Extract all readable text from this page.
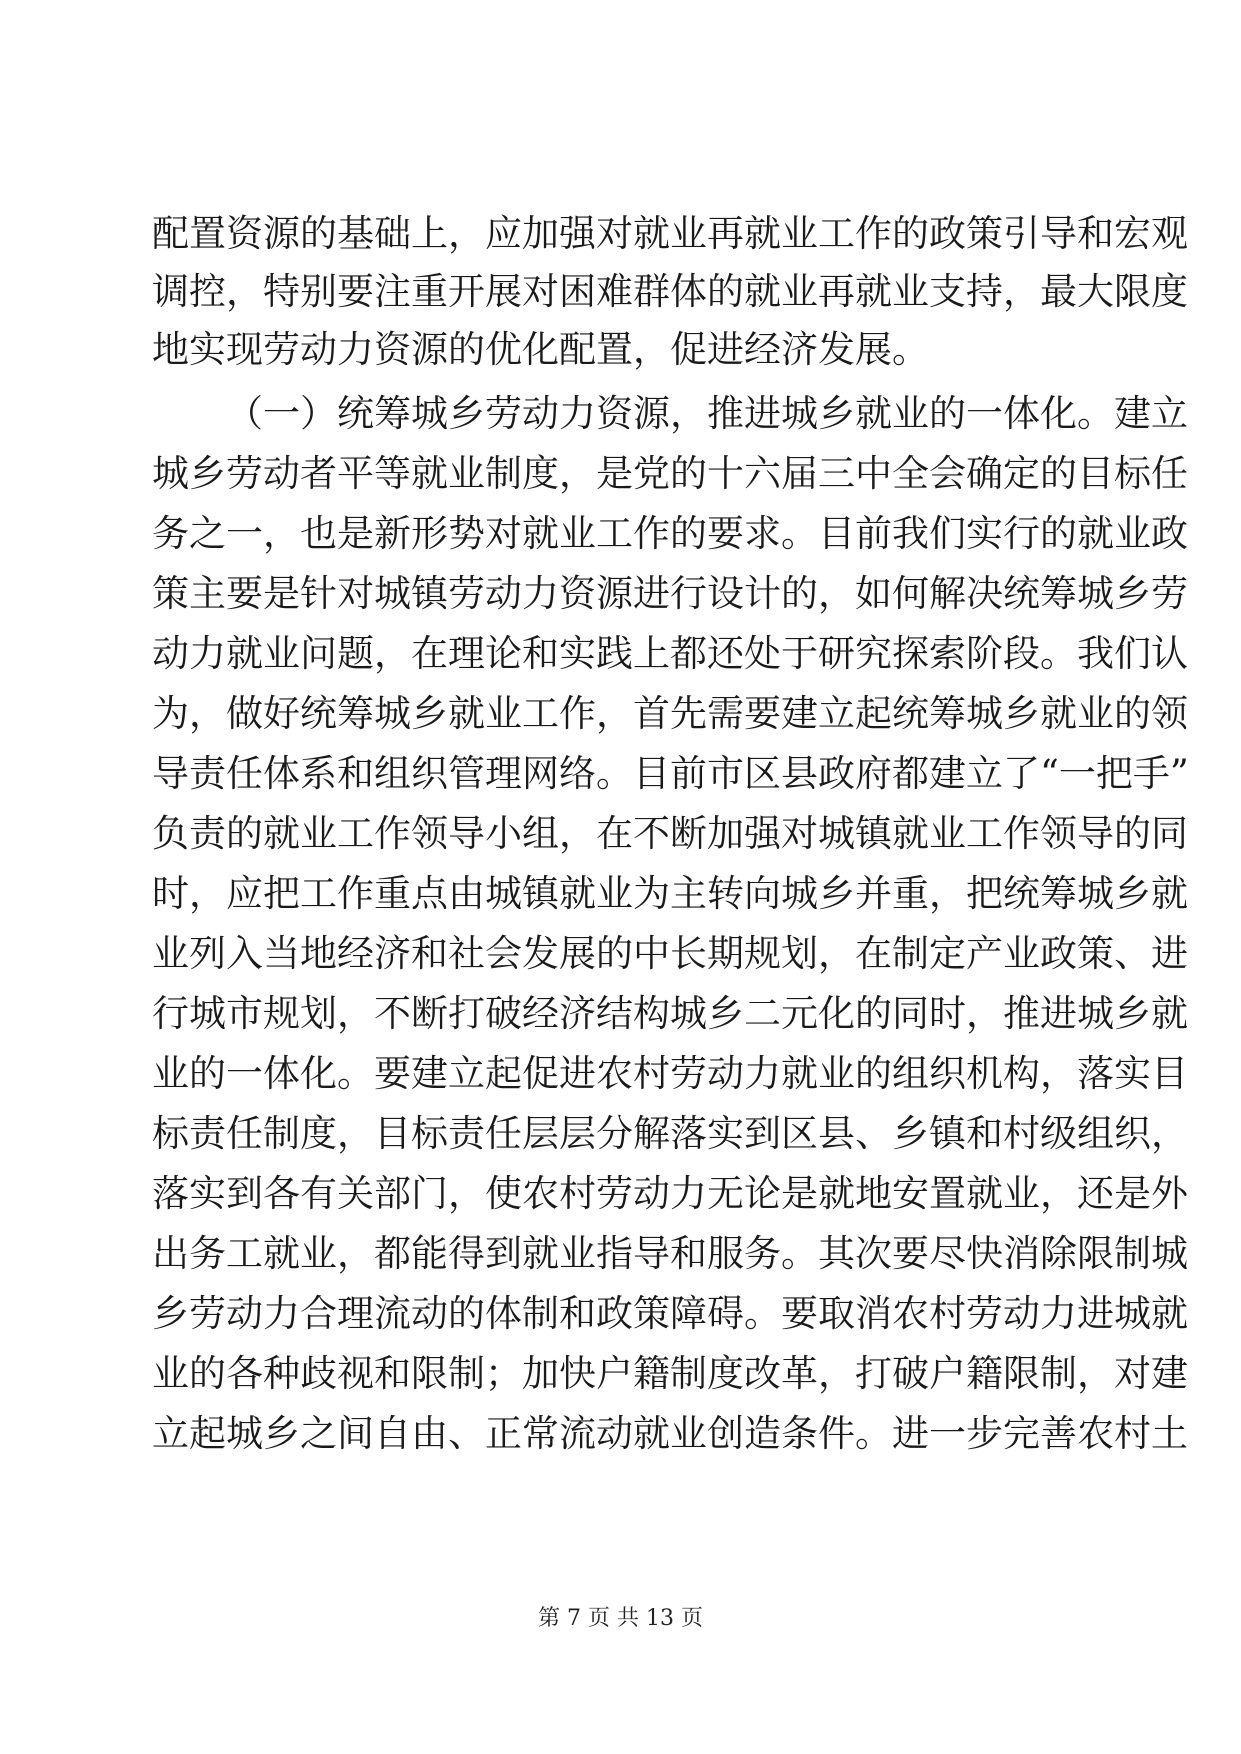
配置资源的基础上，应加强对就业再就业工作的政策引导和宏观
调控，特别要注重开展对困难群体的就业再就业支持，最大限度
地实现劳动力资源的优化配置，促进经济发展。
（一）统筹城乡劳动力资源，推进城乡就业的一体化。建立
城乡劳动者平等就业制度，是党的十六届三中全会确定的目标任
务之一，也是新形势对就业工作的要求。目前我们实行的就业政
策主要是针对城镇劳动力资源进行设计的，如何解决统筹城乡劳
动力就业问题，在理论和实践上都还处于研究探索阶段。我们认
为，做好统筹城乡就业工作，首先需要建立起统筹城乡就业的领
导责任体系和组织管理网络。目前市区县政府都建立了“一把手”
负责的就业工作领导小组，在不断加强对城镇就业工作领导的同
时，应把工作重点由城镇就业为主转向城乡并重，把统筹城乡就
业列入当地经济和社会发展的中长期规划，在制定产业政策、进
行城市规划，不断打破经济结构城乡二元化的同时，推进城乡就
业的一体化。要建立起促进农村劳动力就业的组织机构，落实目
标责任制度，目标责任层层分解落实到区县、乡镇和村级组织，
落实到各有关部门，使农村劳动力无论是就地安置就业，还是外
出务工就业，都能得到就业指导和服务。其次要尽快消除限制城
乡劳动力合理流动的体制和政策障碍。要取消农村劳动力进城就
业的各种歧视和限制；加快户籍制度改革，打破户籍限制，对建
立起城乡之间自由、正常流动就业创造条件。进一步完善农村土
第 7 页 共 13 页
